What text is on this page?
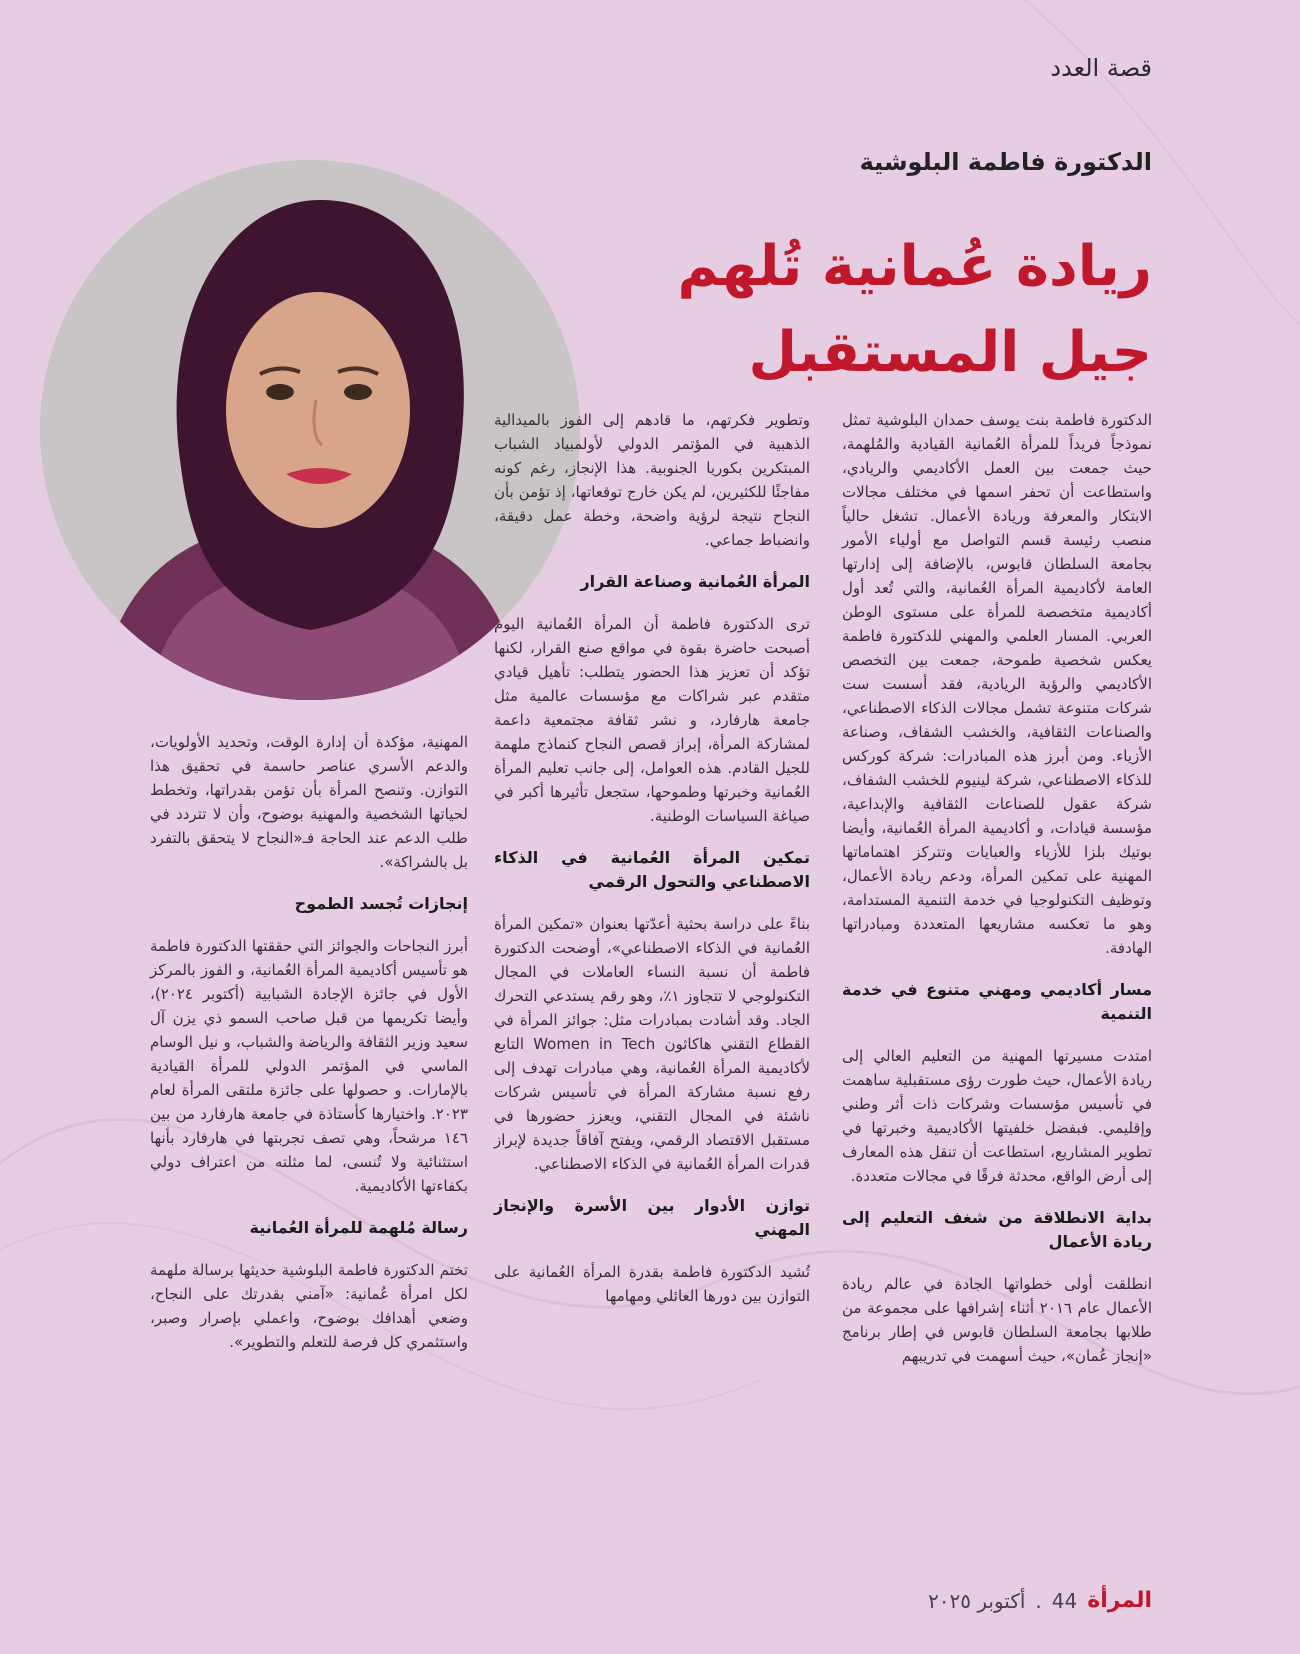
قصة العدد
الدكتورة فاطمة البلوشية
ريادة عُمانية تُلهم
جيل المستقبل

الدكتورة فاطمة بنت يوسف حمدان البلوشية تمثل نموذجاً فريداً للمرأة العُمانية القيادية والمُلهمة، حيث جمعت بين العمل الأكاديمي والريادي، واستطاعت أن تحفر اسمها في مختلف مجالات الابتكار والمعرفة وريادة الأعمال. تشغل حالياً منصب رئيسة قسم التواصل مع أولياء الأمور بجامعة السلطان قابوس، بالإضافة إلى إدارتها العامة لأكاديمية المرأة العُمانية، والتي تُعد أول أكاديمية متخصصة للمرأة على مستوى الوطن العربي. المسار العلمي والمهني للدكتورة فاطمة يعكس شخصية طموحة، جمعت بين التخصص الأكاديمي والرؤية الريادية، فقد أسست ست شركات متنوعة تشمل مجالات الذكاء الاصطناعي، والصناعات الثقافية، والخشب الشفاف، وصناعة الأزياء. ومن أبرز هذه المبادرات: شركة كوركس للذكاء الاصطناعي، شركة لينيوم للخشب الشفاف، شركة عقول للصناعات الثقافية والإبداعية، مؤسسة قيادات، و أكاديمية المرأة العُمانية، وأيضا بوتيك بلزا للأزياء والعبايات وتتركز اهتماماتها المهنية على تمكين المرأة، ودعم ريادة الأعمال، وتوظيف التكنولوجيا في خدمة التنمية المستدامة، وهو ما تعكسه مشاريعها المتعددة ومبادراتها الهادفة.

مسار أكاديمي ومهني متنوع في خدمة التنمية

امتدت مسيرتها المهنية من التعليم العالي إلى ريادة الأعمال، حيث طورت رؤى مستقبلية ساهمت في تأسيس مؤسسات وشركات ذات أثر وطني وإقليمي. فبفضل خلفيتها الأكاديمية وخبرتها في تطوير المشاريع، استطاعت أن تنقل هذه المعارف إلى أرض الواقع، محدثة فرقًا في مجالات متعددة.

بداية الانطلاقة من شغف التعليم إلى ريادة الأعمال

انطلقت أولى خطواتها الجادة في عالم ريادة الأعمال عام ٢٠١٦ أثناء إشرافها على مجموعة من طلابها بجامعة السلطان قابوس في إطار برنامج «إنجاز عُمان»، حيث أسهمت في تدريبهم

وتطوير فكرتهم، ما قادهم إلى الفوز بالميدالية الذهبية في المؤتمر الدولي لأولمبياد الشباب المبتكرين بكوريا الجنوبية. هذا الإنجاز، رغم كونه مفاجئًا للكثيرين، لم يكن خارج توقعاتها، إذ تؤمن بأن النجاح نتيجة لرؤية واضحة، وخطة عمل دقيقة، وانضباط جماعي.

المرأة العُمانية وصناعة القرار

ترى الدكتورة فاطمة أن المرأة العُمانية اليوم أصبحت حاضرة بقوة في مواقع صنع القرار، لكنها تؤكد أن تعزيز هذا الحضور يتطلب: تأهيل قيادي متقدم عبر شراكات مع مؤسسات عالمية مثل جامعة هارفارد، و نشر ثقافة مجتمعية داعمة لمشاركة المرأة، إبراز قصص النجاح كنماذج ملهمة للجيل القادم. هذه العوامل، إلى جانب تعليم المرأة العُمانية وخبرتها وطموحها، ستجعل تأثيرها أكبر في صياغة السياسات الوطنية.

تمكين المرأة العُمانية في الذكاء الاصطناعي والتحول الرقمي

بناءً على دراسة بحثية أعدّتها بعنوان «تمكين المرأة العُمانية في الذكاء الاصطناعي»، أوضحت الدكتورة فاطمة أن نسبة النساء العاملات في المجال التكنولوجي لا تتجاوز ١٪، وهو رقم يستدعي التحرك الجاد. وقد أشادت بمبادرات مثل: جوائز المرأة في القطاع التقني هاكاثون Women in Tech التابع لأكاديمية المرأة العُمانية، وهي مبادرات تهدف إلى رفع نسبة مشاركة المرأة في تأسيس شركات ناشئة في المجال التقني، ويعزز حضورها في مستقبل الاقتصاد الرقمي، ويفتح آفاقاً جديدة لإبراز قدرات المرأة العُمانية في الذكاء الاصطناعي.

توازن الأدوار بين الأسرة والإنجاز المهني

تُشيد الدكتورة فاطمة بقدرة المرأة العُمانية على التوازن بين دورها العائلي ومهامها

المهنية، مؤكدة أن إدارة الوقت، وتحديد الأولويات، والدعم الأسري عناصر حاسمة في تحقيق هذا التوازن. وتنصح المرأة بأن تؤمن بقدراتها، وتخطط لحياتها الشخصية والمهنية بوضوح، وأن لا تتردد في طلب الدعم عند الحاجة فـ«النجاح لا يتحقق بالتفرد بل بالشراكة».

إنجازات تُجسد الطموح

أبرز النجاحات والجوائز التي حققتها الدكتورة فاطمة هو تأسيس أكاديمية المرأة العُمانية، و الفوز بالمركز الأول في جائزة الإجادة الشبابية (أكتوبر ٢٠٢٤)، وأيضا تكريمها من قبل صاحب السمو ذي يزن آل سعيد وزير الثقافة والرياضة والشباب، و نيل الوسام الماسي في المؤتمر الدولي للمرأة القيادية بالإمارات. و حصولها على جائزة ملتقى المرأة لعام ٢٠٢٣. واختيارها كأستاذة في جامعة هارفارد من بين ١٤٦ مرشحاً، وهي تصف تجربتها في هارفارد بأنها استثنائية ولا تُنسى، لما مثلته من اعتراف دولي بكفاءتها الأكاديمية.

رسالة مُلهمة للمرأة العُمانية

تختم الدكتورة فاطمة البلوشية حديثها برسالة ملهمة لكل امرأة عُمانية: «آمني بقدرتك على النجاح، وضعي أهدافك بوضوح، واعملي بإصرار وصبر، واستثمري كل فرصة للتعلم والتطوير».

المرأة
44
.
أكتوبر ٢٠٢٥
